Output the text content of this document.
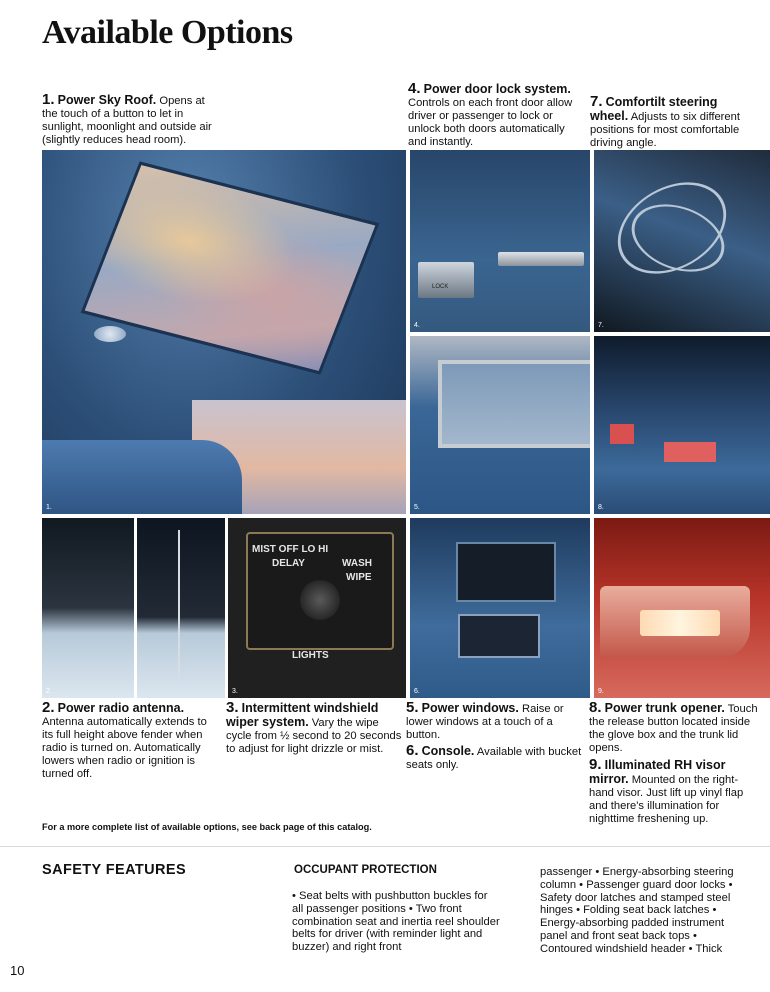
Available Options
1. Power Sky Roof. Opens at the touch of a button to let in sunlight, moonlight and outside air (slightly reduces head room).
4. Power door lock system. Controls on each front door allow driver or passenger to lock or unlock both doors automatically and instantly.
7. Comfortilt steering wheel. Adjusts to six different positions for most comfortable driving angle.
1.
LOCK
4.	7.
5.	8.
2.
MIST OFF LO HI
DELAY	WASH
WIPE
LIGHTS
3.	6.	9.
2. Power radio antenna. Antenna automatically extends to its full height above fender when radio is turned on. Automatically lowers when radio or ignition is turned off.
3. Intermittent windshield wiper system. Vary the wipe cycle from ½ second to 20 seconds to adjust for light drizzle or mist.
5. Power windows. Raise or lower windows at a touch of a button.
6. Console. Available with bucket seats only.
8. Power trunk opener. Touch the release button located inside the glove box and the trunk lid opens.
9. Illuminated RH visor mirror. Mounted on the right-hand visor. Just lift up vinyl flap and there's illumination for nighttime freshening up.
For a more complete list of available options, see back page of this catalog.
SAFETY FEATURES	OCCUPANT PROTECTION
• Seat belts with pushbutton buckles for all passenger positions • Two front combination seat and inertia reel shoulder belts for driver (with reminder light and buzzer) and right front
passenger • Energy-absorbing steering column • Passenger guard door locks • Safety door latches and stamped steel hinges • Folding seat back latches • Energy-absorbing padded instrument panel and front seat back tops • Contoured windshield header • Thick
10
